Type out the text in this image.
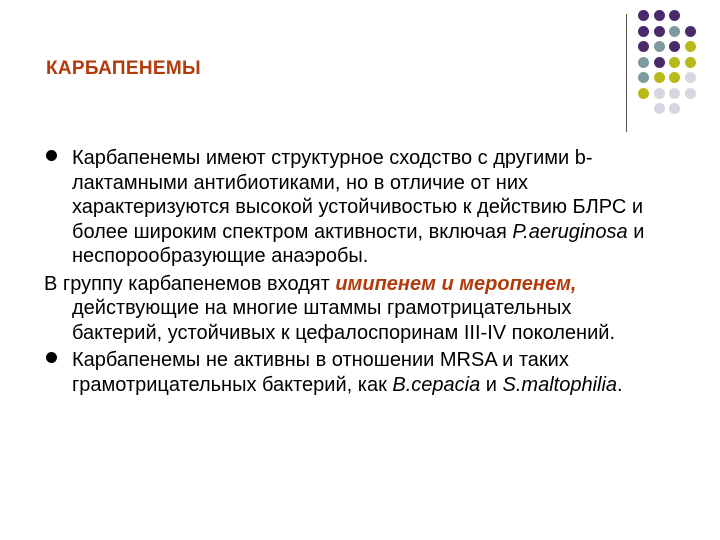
КАРБАПЕНЕМЫ
Карбапенемы имеют структурное сходство с другими b-лактамными антибиотиками, но в отличие от них характеризуются высокой устойчивостью к действию БЛРС и более широким спектром активности, включая P.aeruginosa и неспорообразующие анаэробы.
В группу карбапенемов входят имипенем и меропенем, действующие на многие штаммы грамотрицательных бактерий, устойчивых к цефалоспоринам III-IV поколений.
Карбапенемы не активны в отношении MRSA и таких грамотрицательных бактерий, как B.cepacia и S.maltophilia.
